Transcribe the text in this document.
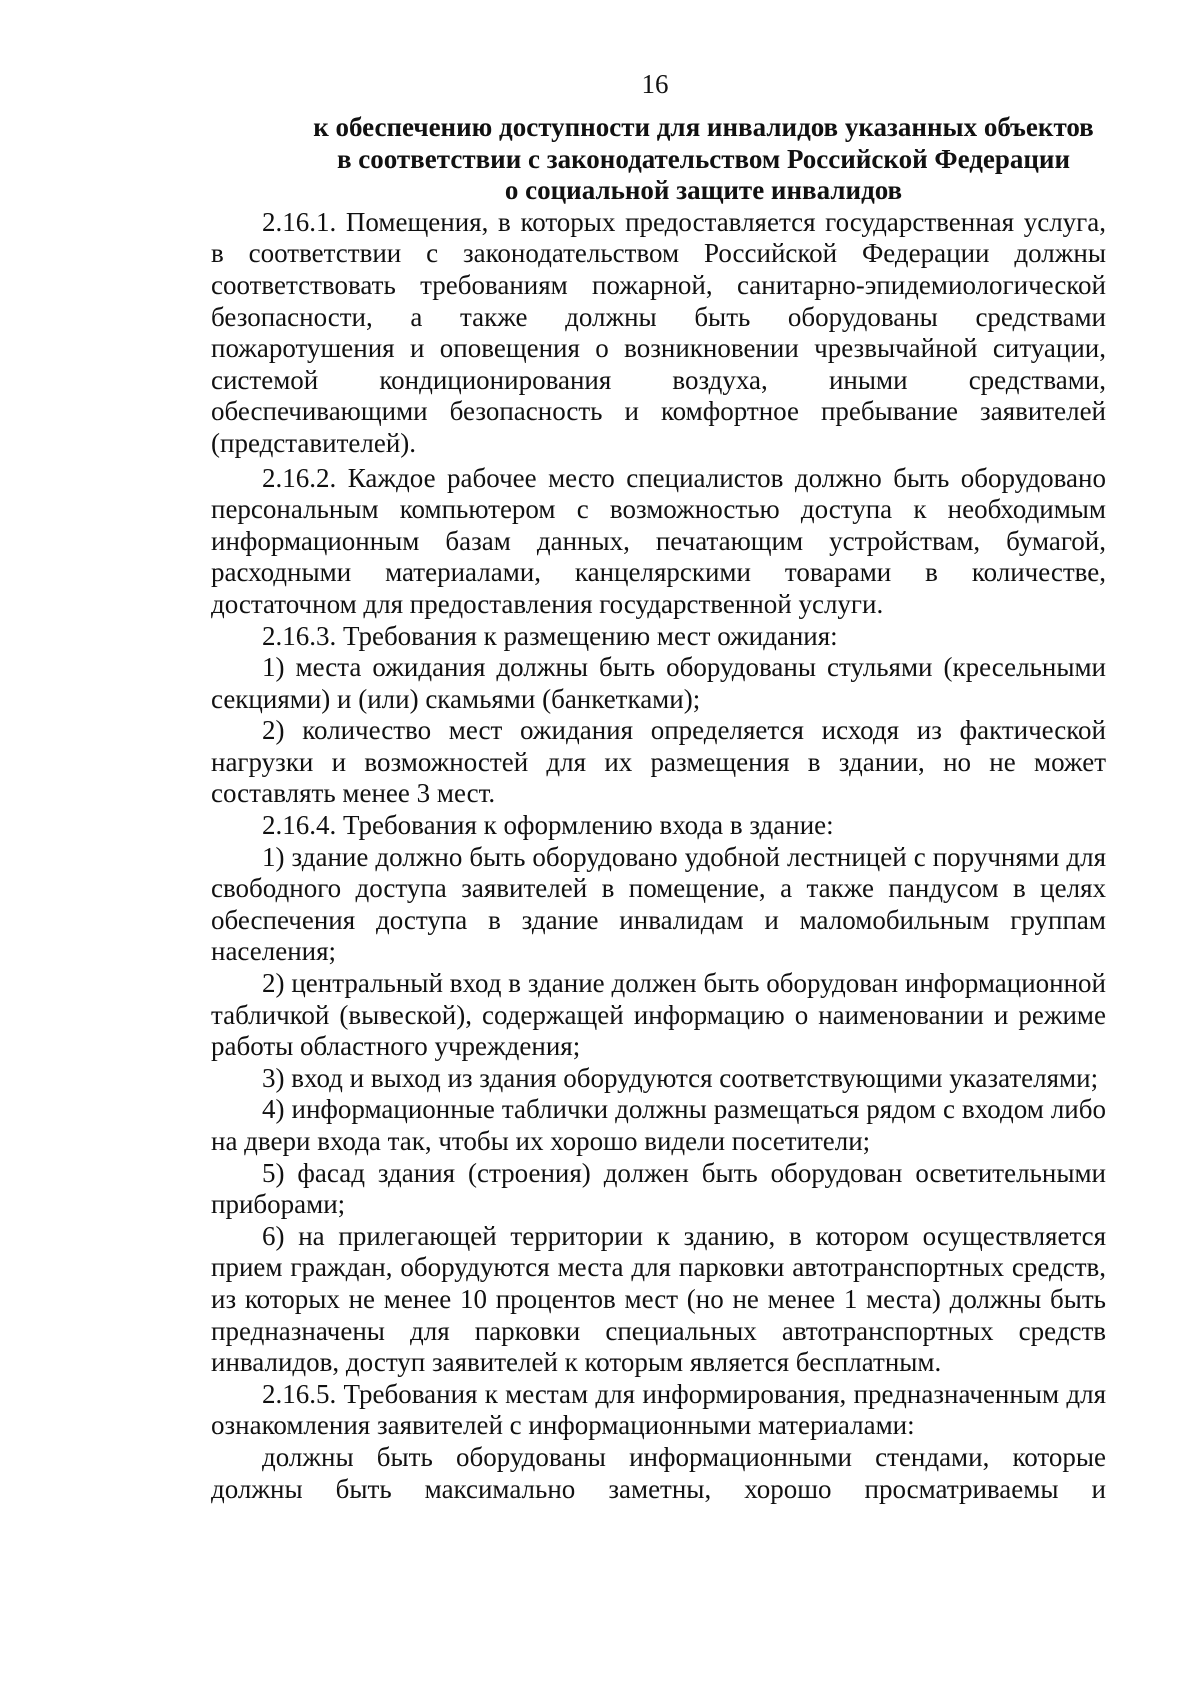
16

к обеспечению доступности для инвалидов указанных объектов

в соответствии с законодательством Российской Федерации

о социальной защите инвалидов

2.16.1. Помещения, в которых предоставляется государственная услуга, в соответствии с законодательством Российской Федерации должны соответствовать требованиям пожарной, санитарно-эпидемиологической безопасности, а также должны быть оборудованы средствами пожаротушения и оповещения о возникновении чрезвычайной ситуации, системой кондиционирования воздуха, иными средствами, обеспечивающими безопасность и комфортное пребывание заявителей (представителей).

2.16.2. Каждое рабочее место специалистов должно быть оборудовано персональным компьютером с возможностью доступа к необходимым информационным базам данных, печатающим устройствам, бумагой, расходными материалами, канцелярскими товарами в количестве, достаточном для предоставления государственной услуги.

2.16.3. Требования к размещению мест ожидания:

1) места ожидания должны быть оборудованы стульями (кресельными секциями) и (или) скамьями (банкетками);

2) количество мест ожидания определяется исходя из фактической нагрузки и возможностей для их размещения в здании, но не может составлять менее 3 мест.

2.16.4. Требования к оформлению входа в здание:

1) здание должно быть оборудовано удобной лестницей с поручнями для свободного доступа заявителей в помещение, а также пандусом в целях обеспечения доступа в здание инвалидам и маломобильным группам населения;

2) центральный вход в здание должен быть оборудован информационной табличкой (вывеской), содержащей информацию о наименовании и режиме работы областного учреждения;

3) вход и выход из здания оборудуются соответствующими указателями;

4) информационные таблички должны размещаться рядом с входом либо на двери входа так, чтобы их хорошо видели посетители;

5) фасад здания (строения) должен быть оборудован осветительными приборами;

6) на прилегающей территории к зданию, в котором осуществляется прием граждан, оборудуются места для парковки автотранспортных средств, из которых не менее 10 процентов мест (но не менее 1 места) должны быть предназначены для парковки специальных автотранспортных средств инвалидов, доступ заявителей к которым является бесплатным.

2.16.5. Требования к местам для информирования, предназначенным для ознакомления заявителей с информационными материалами:

должны быть оборудованы информационными стендами, которые должны быть максимально заметны, хорошо просматриваемы и
